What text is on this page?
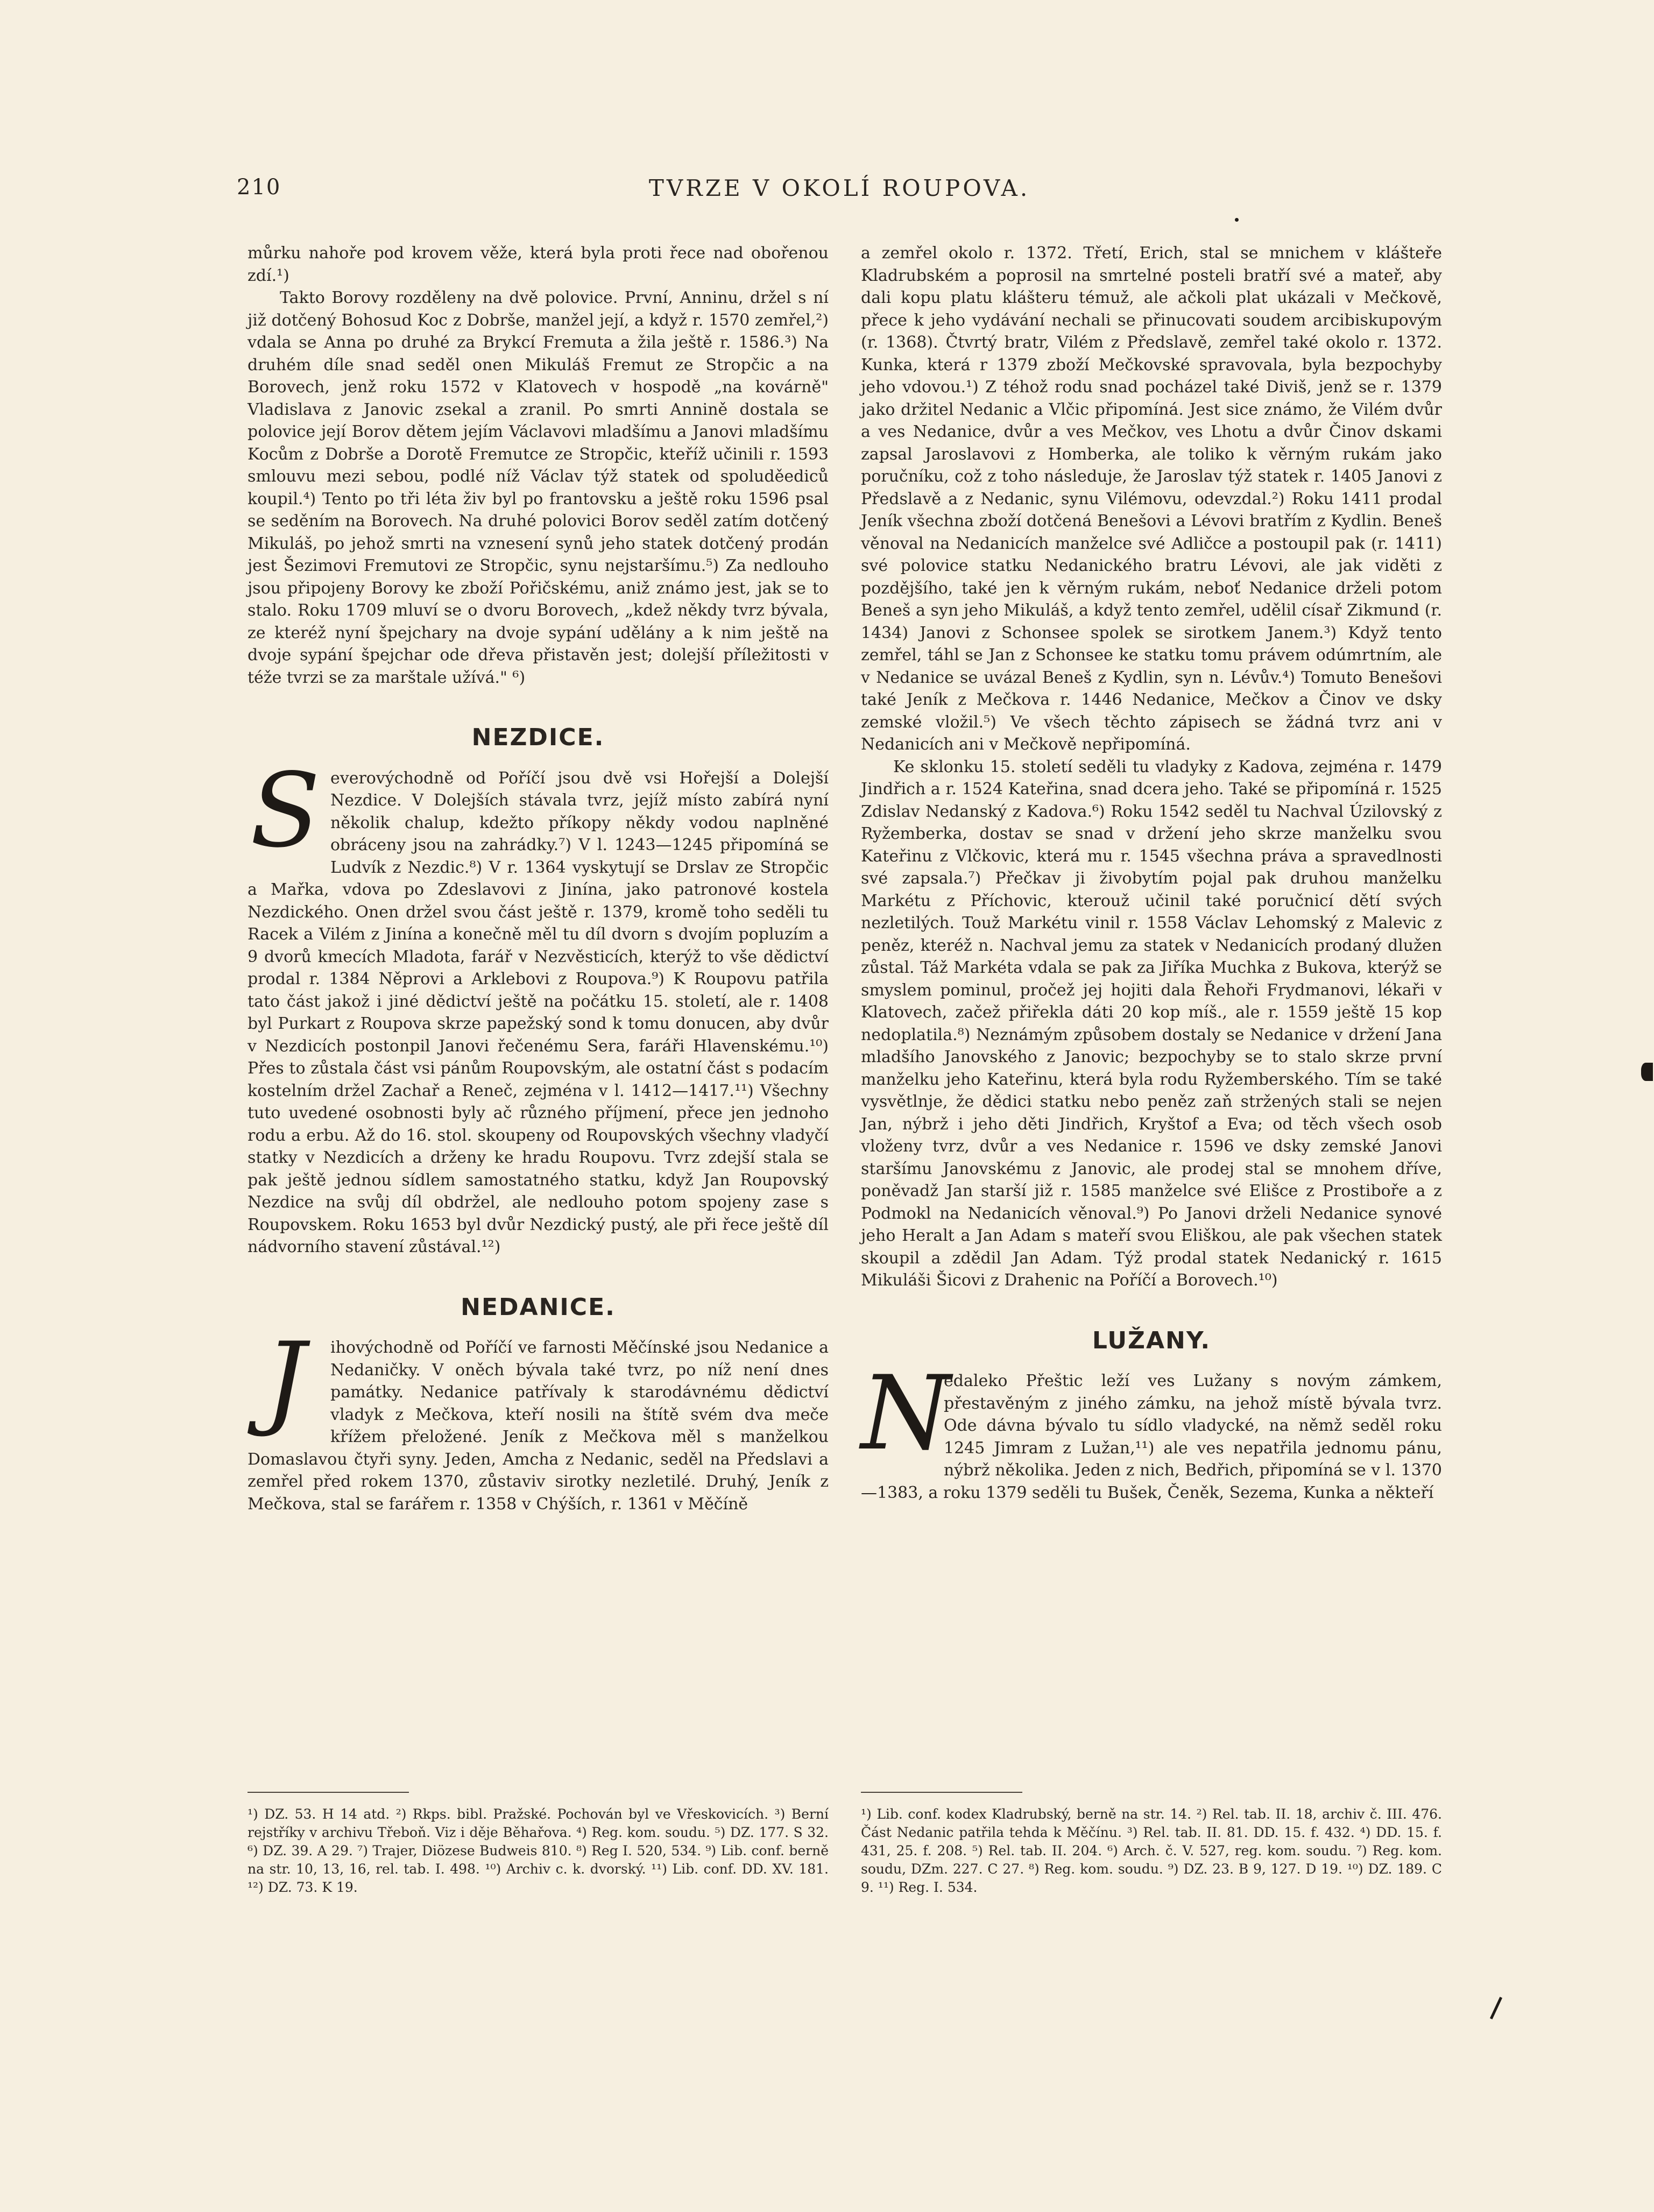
210	TVRZE V OKOLÍ ROUPOVA.

můrku nahoře pod krovem věže, která byla proti řece nad obořenou zdí.¹)

Takto Borovy rozděleny na dvě polovice. První, Anninu, držel s ní již dotčený Bohosud Koc z Dobrše, manžel její, a když r. 1570 zemřel,²) vdala se Anna po druhé za Brykcí Fremuta a žila ještě r. 1586.³) Na druhém díle snad seděl onen Mikuláš Fremut ze Stropčic a na Borovech, jenž roku 1572 v Klatovech v hospodě „na kovárně" Vladislava z Janovic zsekal a zranil. Po smrti Annině dostala se polovice její Borov dětem jejím Václavovi mladšímu a Janovi mladšímu Kocům z Dobrše a Dorotě Fremutce ze Stropčic, kteříž učinili r. 1593 smlouvu mezi sebou, podlé níž Václav týž statek od spoluděediců koupil.⁴) Tento po tři léta živ byl po frantovsku a ještě roku 1596 psal se seděním na Borovech. Na druhé polovici Borov seděl zatím dotčený Mikuláš, po jehož smrti na vznesení synů jeho statek dotčený prodán jest Šezimovi Fremutovi ze Stropčic, synu nejstaršímu.⁵) Za nedlouho jsou připojeny Borovy ke zboží Pořičskému, aniž známo jest, jak se to stalo. Roku 1709 mluví se o dvoru Borovech, „kdež někdy tvrz bývala, ze kteréž nyní špejchary na dvoje sypání udělány a k nim ještě na dvoje sypání špejchar ode dřeva přistavěn jest; dolejší příležitosti v téže tvrzi se za marštale užívá." ⁶)

NEZDICE.
S everovýchodně od Poříčí jsou dvě vsi Hořejší a Dolejší Nezdice. V Dolejších stávala tvrz, jejíž místo zabírá nyní několik chalup, kdežto příkopy někdy vodou naplněné obráceny jsou na zahrádky.⁷) V l. 1243—1245 připomíná se Ludvík z Nezdic.⁸) V r. 1364 vyskytují se Drslav ze Stropčic a Mařka, vdova po Zdeslavovi z Jinína, jako patronové kostela Nezdického. Onen držel svou část ještě r. 1379, kromě toho seděli tu Racek a Vilém z Jinína a konečně měl tu díl dvorn s dvojím popluzím a 9 dvorů kmecích Mladota, farář v Nezvěsticích, kterýž to vše dědictví prodal r. 1384 Něprovi a Arklebovi z Roupova.⁹) K Roupovu patřila tato část jakož i jiné dědictví ještě na počátku 15. století, ale r. 1408 byl Purkart z Roupova skrze papežský sond k tomu donucen, aby dvůr v Nezdicích postonpil Janovi řečenému Sera, faráři Hlavenskému.¹⁰) Přes to zůstala část vsi pánům Roupovským, ale ostatní část s podacím kostelním držel Zachař a Reneč, zejména v l. 1412—1417.¹¹) Všechny tuto uvedené osobnosti byly ač různého příjmení, přece jen jednoho rodu a erbu. Až do 16. stol. skoupeny od Roupovských všechny vladyčí statky v Nezdicích a drženy ke hradu Roupovu. Tvrz zdejší stala se pak ještě jednou sídlem samostatného statku, když Jan Roupovský Nezdice na svůj díl obdržel, ale nedlouho potom spojeny zase s Roupovskem. Roku 1653 byl dvůr Nezdický pustý, ale při řece ještě díl nádvorního stavení zůstával.¹²)

NEDANICE.
J	ihovýchodně od Poříčí ve farnosti Měčínské jsou Nedanice a Nedaničky. V oněch bývala také tvrz, po níž není dnes památky. Nedanice patřívaly k starodávnému dědictví vladyk z Mečkova, kteří nosili na štítě svém dva meče křížem přeložené. Jeník z Mečkova měl s manželkou Domaslavou čtyři syny. Jeden, Amcha z Nedanic, seděl na Předslavi a zemřel před rokem 1370, zůstaviv sirotky nezletilé. Druhý, Jeník z Mečkova, stal se farářem r. 1358 v Chýších, r. 1361 v Měčíně

a zemřel okolo r. 1372. Třetí, Erich, stal se mnichem v klášteře Kladrubském a poprosil na smrtelné posteli bratří své a mateř, aby dali kopu platu klášteru témuž, ale ačkoli plat ukázali v Mečkově, přece k jeho vydávání nechali se přinucovati soudem arcibiskupovým (r. 1368). Čtvrtý bratr, Vilém z Předslavě, zemřel také okolo r. 1372. Kunka, která r 1379 zboží Mečkovské spravovala, byla bezpochyby jeho vdovou.¹) Z téhož rodu snad pocházel také Diviš, jenž se r. 1379 jako držitel Nedanic a Vlčic připomíná. Jest sice známo, že Vilém dvůr a ves Nedanice, dvůr a ves Mečkov, ves Lhotu a dvůr Činov dskami zapsal Jaroslavovi z Homberka, ale toliko k věrným rukám jako poručníku, což z toho následuje, že Jaroslav týž statek r. 1405 Janovi z Předslavě a z Nedanic, synu Vilémovu, odevzdal.²) Roku 1411 prodal Jeník všechna zboží dotčená Benešovi a Lévovi bratřím z Kydlin. Beneš věnoval na Nedanicích manželce své Adličce a postoupil pak (r. 1411) své polovice statku Nedanického bratru Lévovi, ale jak viděti z pozdějšího, také jen k věrným rukám, neboť Nedanice drželi potom Beneš a syn jeho Mikuláš, a když tento zemřel, udělil císař Zikmund (r. 1434) Janovi z Schonsee spolek se sirotkem Janem.³) Když tento zemřel, táhl se Jan z Schonsee ke statku tomu právem odúmrtním, ale v Nedanice se uvázal Beneš z Kydlin, syn n. Lévův.⁴) Tomuto Benešovi také Jeník z Mečkova r. 1446 Nedanice, Mečkov a Činov ve dsky zemské vložil.⁵) Ve všech těchto zápisech se žádná tvrz ani v Nedanicích ani v Mečkově nepřipomíná.

Ke sklonku 15. století seděli tu vladyky z Kadova, zejména r. 1479 Jindřich a r. 1524 Kateřina, snad dcera jeho. Také se připomíná r. 1525 Zdislav Nedanský z Kadova.⁶) Roku 1542 seděl tu Nachval Úzilovský z Ryžemberka, dostav se snad v držení jeho skrze manželku svou Kateřinu z Vlčkovic, která mu r. 1545 všechna práva a spravedlnosti své zapsala.⁷) Přečkav ji živobytím pojal pak druhou manželku Markétu z Příchovic, kterouž učinil také poručnicí dětí svých nezletilých. Touž Markétu vinil r. 1558 Václav Lehomský z Malevic z peněz, kteréž n. Nachval jemu za statek v Nedanicích prodaný dlužen zůstal. Táž Markéta vdala se pak za Jiříka Muchka z Bukova, kterýž se smyslem pominul, pročež jej hojiti dala Řehoři Frydmanovi, lékaři v Klatovech, začež přiřekla dáti 20 kop míš., ale r. 1559 ještě 15 kop nedoplatila.⁸) Neznámým způsobem dostaly se Nedanice v držení Jana mladšího Janovského z Janovic; bezpochyby se to stalo skrze první manželku jeho Kateřinu, která byla rodu Ryžemberského. Tím se také vysvětlnje, že dědici statku nebo peněz zaň stržených stali se nejen Jan, nýbrž i jeho děti Jindřich, Kryštof a Eva; od těch všech osob vloženy tvrz, dvůr a ves Nedanice r. 1596 ve dsky zemské Janovi staršímu Janovskému z Janovic, ale prodej stal se mnohem dříve, poněvadž Jan starší již r. 1585 manželce své Elišce z Prostiboře a z Podmokl na Nedanicích věnoval.⁹) Po Janovi drželi Nedanice synové jeho Heralt a Jan Adam s mateří svou Eliškou, ale pak všechen statek skoupil a zdědil Jan Adam. Týž prodal statek Nedanický r. 1615 Mikuláši Šicovi z Drahenic na Poříčí a Borovech.¹⁰)

LUŽANY.
N

edaleko Přeštic leží ves Lužany s novým zámkem, přestavěným z jiného zámku, na jehož místě bývala tvrz. Ode dávna bývalo tu sídlo vladycké, na němž seděl roku 1245 Jimram z Lužan,¹¹) ale ves nepatřila jednomu pánu, nýbrž několika. Jeden z nich, Bedřich, připomíná se v l. 1370—1383, a roku 1379 seděli tu Bušek, Čeněk, Sezema, Kunka a někteří

¹) DZ. 53. H 14 atd. ²) Rkps. bibl. Pražské. Pochován byl ve Vřeskovicích. ³) Berní rejstříky v archivu Třeboň. Viz i děje Běhařova. ⁴) Reg. kom. soudu. ⁵) DZ. 177. S 32. ⁶) DZ. 39. A 29. ⁷) Trajer, Diözese Budweis 810. ⁸) Reg I. 520, 534. ⁹) Lib. conf. berně na str. 10, 13, 16, rel. tab. I. 498. ¹⁰) Archiv c. k. dvorský. ¹¹) Lib. conf. DD. XV. 181. ¹²) DZ. 73. K 19.
¹) Lib. conf. kodex Kladrubský, berně na str. 14. ²) Rel. tab. II. 18, archiv č. III. 476. Část Nedanic patřila tehda k Měčínu. ³) Rel. tab. II. 81. DD. 15. f. 432. ⁴) DD. 15. f. 431, 25. f. 208. ⁵) Rel. tab. II. 204. ⁶) Arch. č. V. 527, reg. kom. soudu. ⁷) Reg. kom. soudu, DZm. 227. C 27. ⁸) Reg. kom. soudu. ⁹) DZ. 23. B 9, 127. D 19. ¹⁰) DZ. 189. C 9. ¹¹) Reg. I. 534.
